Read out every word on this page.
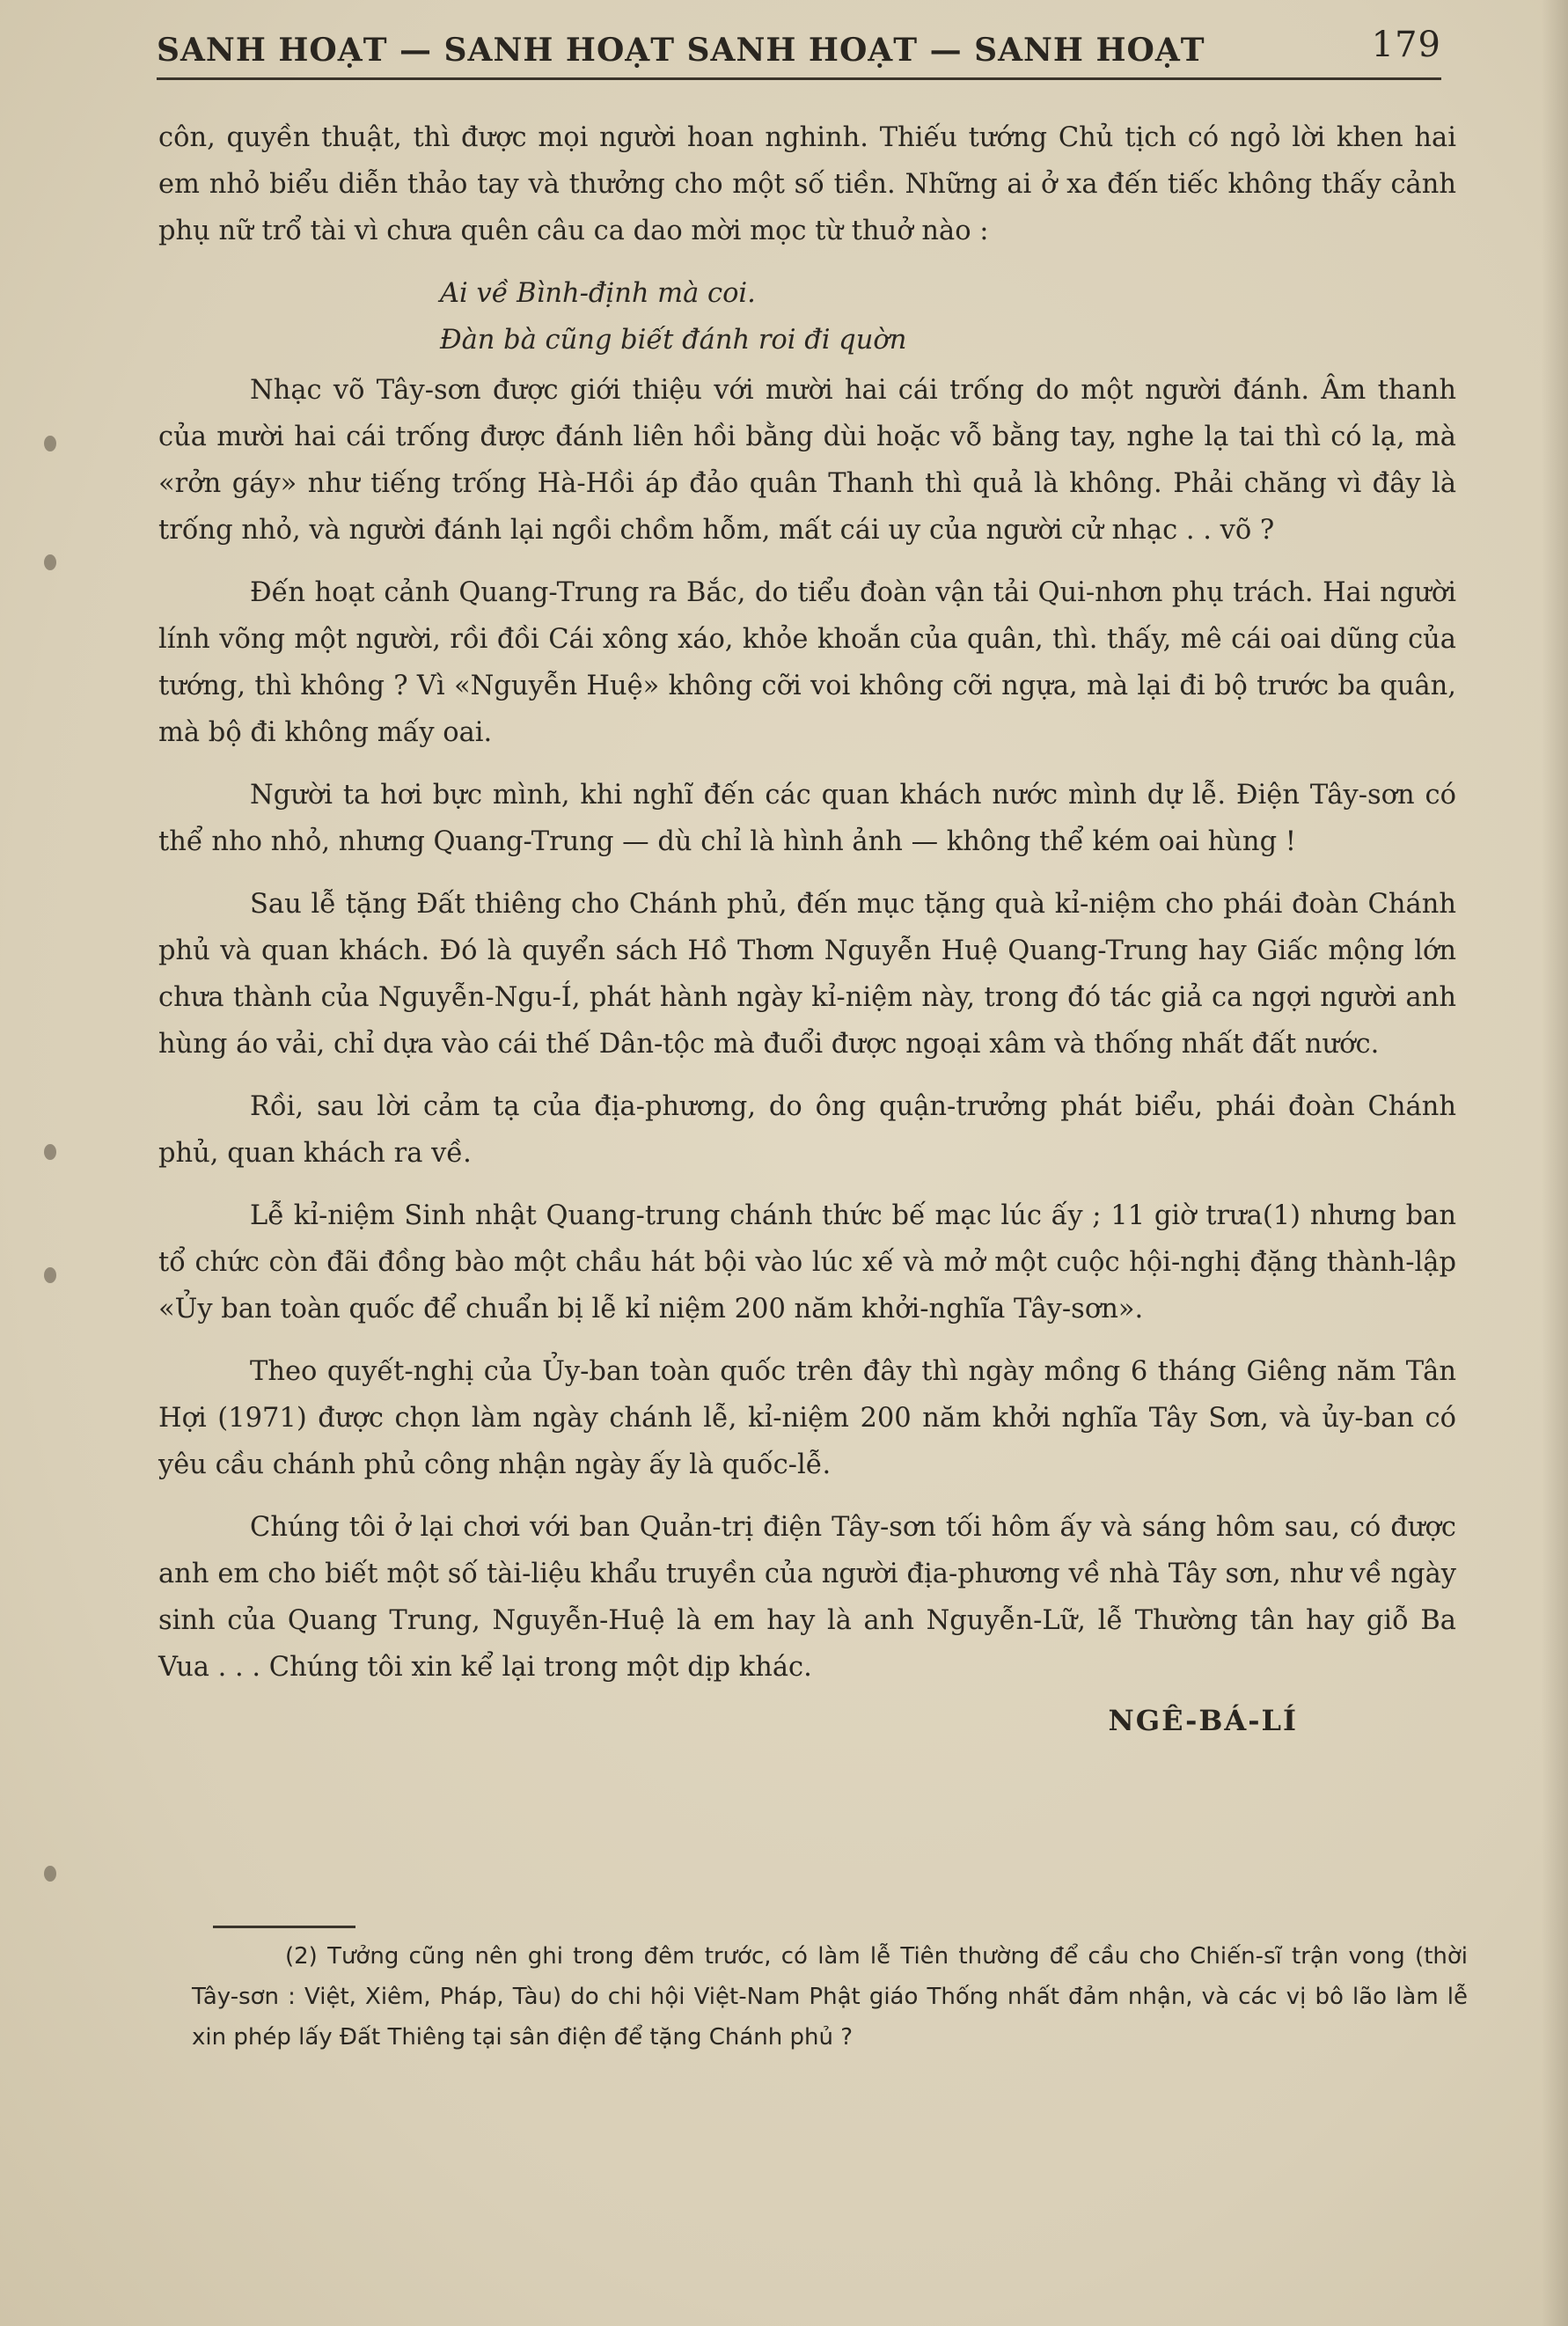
SANH HOẠT — SANH HOẠT SANH HOẠT — SANH HOẠT	179

côn, quyền thuật, thì được mọi người hoan nghinh. Thiếu tướng Chủ tịch có ngỏ lời khen hai em nhỏ biểu diễn thảo tay và thưởng cho một số tiền. Những ai ở xa đến tiếc không thấy cảnh phụ nữ trổ tài vì chưa quên câu ca dao mời mọc từ thuở nào :

Ai về Bình-định mà coi.
Đàn bà cũng biết đánh roi đi quờn

Nhạc võ Tây-sơn được giới thiệu với mười hai cái trống do một người đánh. Âm thanh của mười hai cái trống được đánh liên hồi bằng dùi hoặc vỗ bằng tay, nghe lạ tai thì có lạ, mà «rởn gáy» như tiếng trống Hà-Hồi áp đảo quân Thanh thì quả là không. Phải chăng vì đây là trống nhỏ, và người đánh lại ngồi chồm hỗm, mất cái uy của người cử nhạc . . võ ?

Đến hoạt cảnh Quang-Trung ra Bắc, do tiểu đoàn vận tải Qui-nhơn phụ trách. Hai người lính võng một người, rồi đồi Cái xông xáo, khỏe khoắn của quân, thì. thấy, mê cái oai dũng của tướng, thì không ? Vì «Nguyễn Huệ» không cỡi voi không cỡi ngựa, mà lại đi bộ trước ba quân, mà bộ đi không mấy oai.

Người ta hơi bực mình, khi nghĩ đến các quan khách nước mình dự lễ. Điện Tây-sơn có thể nho nhỏ, nhưng Quang-Trung — dù chỉ là hình ảnh — không thể kém oai hùng !

Sau lễ tặng Đất thiêng cho Chánh phủ, đến mục tặng quà kỉ-niệm cho phái đoàn Chánh phủ và quan khách. Đó là quyển sách Hồ Thơm Nguyễn Huệ Quang-Trung hay Giấc mộng lớn chưa thành của Nguyễn-Ngu-Í, phát hành ngày kỉ-niệm này, trong đó tác giả ca ngợi người anh hùng áo vải, chỉ dựa vào cái thế Dân-tộc mà đuổi được ngoại xâm và thống nhất đất nước.

Rồi, sau lời cảm tạ của địa-phương, do ông quận-trưởng phát biểu, phái đoàn Chánh phủ, quan khách ra về.

Lễ kỉ-niệm Sinh nhật Quang-trung chánh thức bế mạc lúc ấy ; 11 giờ trưa(1) nhưng ban tổ chức còn đãi đồng bào một chầu hát bội vào lúc xế và mở một cuộc hội-nghị đặng thành-lập «Ủy ban toàn quốc để chuẩn bị lễ kỉ niệm 200 năm khởi-nghĩa Tây-sơn».

Theo quyết-nghị của Ủy-ban toàn quốc trên đây thì ngày mồng 6 tháng Giêng năm Tân Hợi (1971) được chọn làm ngày chánh lễ, kỉ-niệm 200 năm khởi nghĩa Tây Sơn, và ủy-ban có yêu cầu chánh phủ công nhận ngày ấy là quốc-lễ.

Chúng tôi ở lại chơi với ban Quản-trị điện Tây-sơn tối hôm ấy và sáng hôm sau, có được anh em cho biết một số tài-liệu khẩu truyền của người địa-phương về nhà Tây sơn, như về ngày sinh của Quang Trung, Nguyễn-Huệ là em hay là anh Nguyễn-Lữ, lễ Thường tân hay giỗ Ba Vua . . . Chúng tôi xin kể lại trong một dịp khác.

NGÊ-BÁ-LÍ

(2) Tưởng cũng nên ghi trong đêm trước, có làm lễ Tiên thường để cầu cho Chiến-sĩ trận vong (thời Tây-sơn : Việt, Xiêm, Pháp, Tàu) do chi hội Việt-Nam Phật giáo Thống nhất đảm nhận, và các vị bô lão làm lễ xin phép lấy Đất Thiêng tại sân điện để tặng Chánh phủ ?
